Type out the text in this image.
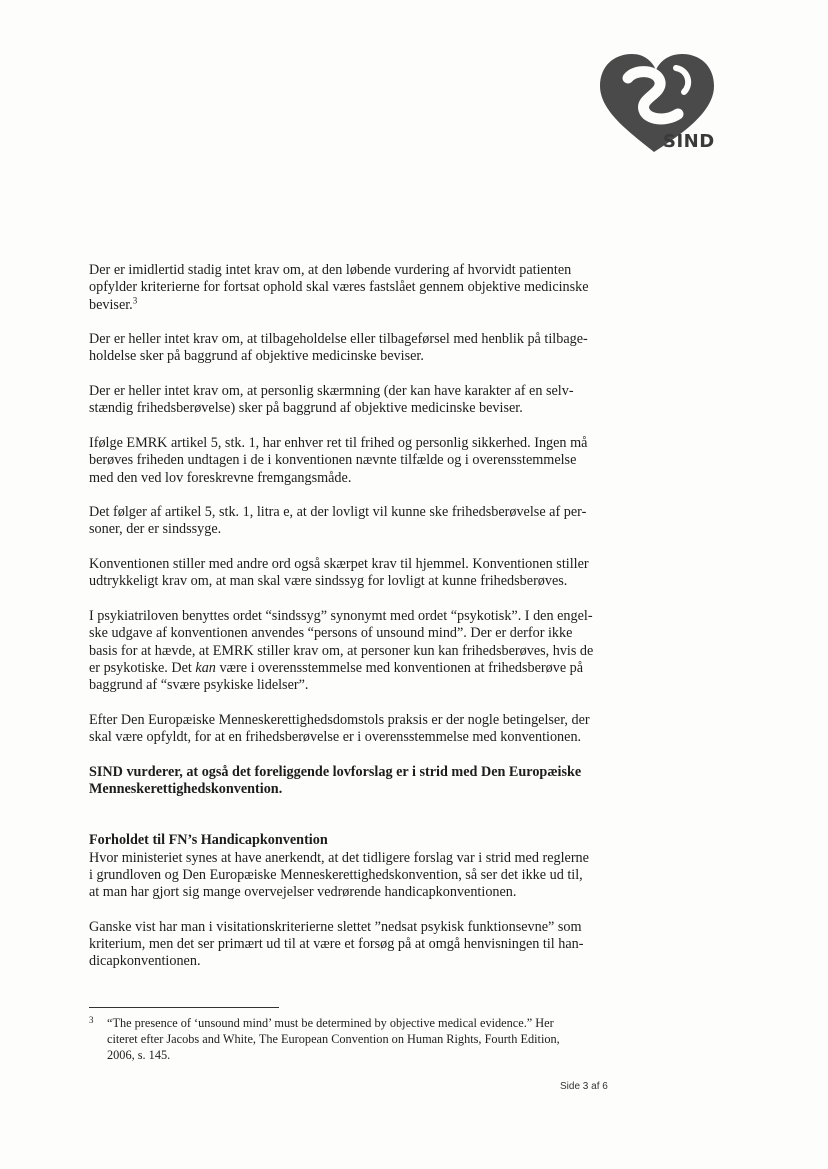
SIND

Der er imidlertid stadig intet krav om, at den løbende vurdering af hvorvidt patienten
opfylder kriterierne for fortsat ophold skal væres fastslået gennem objektive medicinske
beviser.$^3$

Der er heller intet krav om, at tilbageholdelse eller tilbageførsel med henblik på tilbage-
holdelse sker på baggrund af objektive medicinske beviser.

Der er heller intet krav om, at personlig skærmning (der kan have karakter af en selv-
stændig frihedsberøvelse) sker på baggrund af objektive medicinske beviser.

Ifølge EMRK artikel 5, stk. 1, har enhver ret til frihed og personlig sikkerhed. Ingen må
berøves friheden undtagen i de i konventionen nævnte tilfælde og i overensstemmelse
med den ved lov foreskrevne fremgangsmåde.

Det følger af artikel 5, stk. 1, litra e, at der lovligt vil kunne ske frihedsberøvelse af per-
soner, der er sindssyge.

Konventionen stiller med andre ord også skærpet krav til hjemmel. Konventionen stiller
udtrykkeligt krav om, at man skal være sindssyg for lovligt at kunne frihedsberøves.

I psykiatriloven benyttes ordet “sindssyg” synonymt med ordet “psykotisk”. I den engel-
ske udgave af konventionen anvendes “persons of unsound mind”. Der er derfor ikke
basis for at hævde, at EMRK stiller krav om, at personer kun kan frihedsberøves, hvis de
er psykotiske. Det kan være i overensstemmelse med konventionen at frihedsberøve på
baggrund af “svære psykiske lidelser”.

Efter Den Europæiske Menneskerettighedsdomstols praksis er der nogle betingelser, der
skal være opfyldt, for at en frihedsberøvelse er i overensstemmelse med konventionen.

SIND vurderer, at også det foreliggende lovforslag er i strid med Den Europæiske
Menneskerettighedskonvention.

Forholdet til FN’s Handicapkonvention
Hvor ministeriet synes at have anerkendt, at det tidligere forslag var i strid med reglerne
i grundloven og Den Europæiske Menneskerettighedskonvention, så ser det ikke ud til,
at man har gjort sig mange overvejelser vedrørende handicapkonventionen.

Ganske vist har man i visitationskriterierne slettet ”nedsat psykisk funktionsevne” som
kriterium, men det ser primært ud til at være et forsøg på at omgå henvisningen til han-
dicapkonventionen.

3 “The presence of ‘unsound mind’ must be determined by objective medical evidence.” Her
citeret efter Jacobs and White, The European Convention on Human Rights, Fourth Edition,
2006, s. 145.
Side 3 af 6
